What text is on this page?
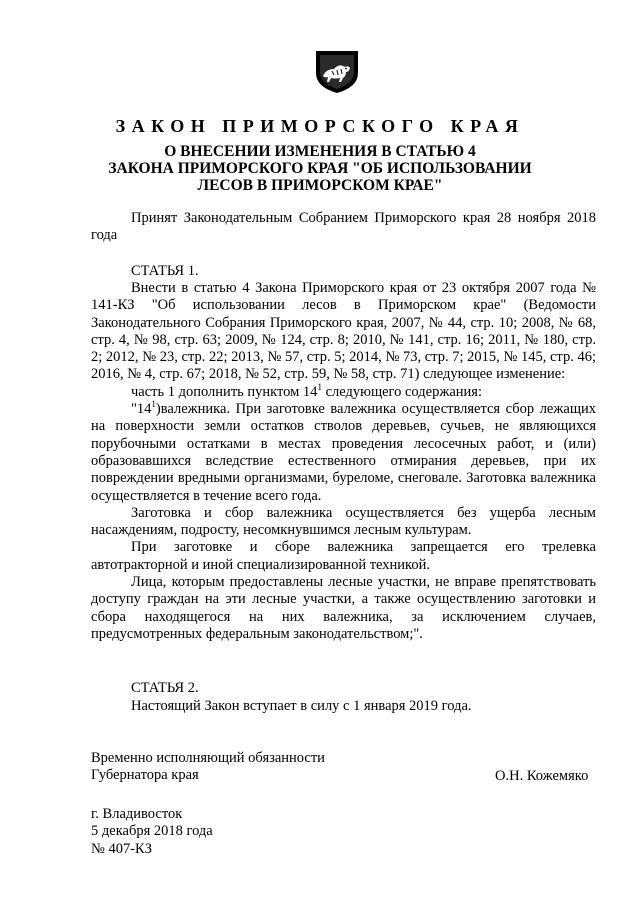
ЗАКОН ПРИМОРСКОГО КРАЯ
О ВНЕСЕНИИ ИЗМЕНЕНИЯ В СТАТЬЮ 4
ЗАКОНА ПРИМОРСКОГО КРАЯ "ОБ ИСПОЛЬЗОВАНИИ
ЛЕСОВ В ПРИМОРСКОМ КРАЕ"

Принят Законодательным Собранием Приморского края 28 ноября 2018 года

СТАТЬЯ 1.

Внести в статью 4 Закона Приморского края от 23 октября 2007 года № 141-КЗ "Об использовании лесов в Приморском крае" (Ведомости Законодательного Собрания Приморского края, 2007, № 44, стр. 10; 2008, № 68, стр. 4, № 98, стр. 63; 2009, № 124, стр. 8; 2010, № 141, стр. 16; 2011, № 180, стр. 2; 2012, № 23, стр. 22; 2013, № 57, стр. 5; 2014, № 73, стр. 7; 2015, № 145, стр. 46; 2016, № 4, стр. 67; 2018, № 52, стр. 59, № 58, стр. 71) следующее изменение:

часть 1 дополнить пунктом $14^1$ следующего содержания:

"$14^1)валежника$. При заготовке валежника осуществляется сбор лежащих на поверхности земли остатков стволов деревьев, сучьев, не являющихся порубочными остатками в местах проведения лесосечных работ, и (или) образовавшихся вследствие естественного отмирания деревьев, при их повреждении вредными организмами, буреломе, снеговале. Заготовка валежника осуществляется в течение всего года.

Заготовка и сбор валежника осуществляется без ущерба лесным насаждениям, подросту, несомкнувшимся лесным культурам.

При заготовке и сборе валежника запрещается его трелевка автотракторной и иной специализированной техникой.

Лица, которым предоставлены лесные участки, не вправе препятствовать доступу граждан на эти лесные участки, а также осуществлению заготовки и сбора находящегося на них валежника, за исключением случаев, предусмотренных федеральным законодательством;".

СТАТЬЯ 2.
Настоящий Закон вступает в силу с 1 января 2019 года.
Временно исполняющий обязанности
Губернатора края	О.Н. Кожемяко
г. Владивосток
5 декабря 2018 года
№ 407-КЗ
